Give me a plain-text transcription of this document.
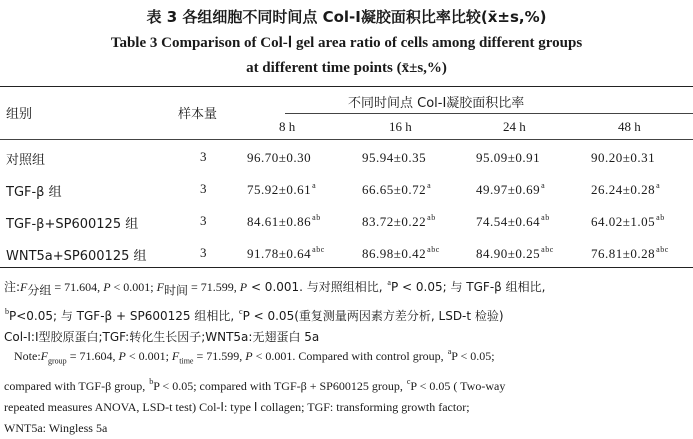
表 3 各组细胞不同时间点 Col-Ⅰ凝胶面积比率比较(x̄±s,%)
Table 3 Comparison of Col-Ⅰ gel area ratio of cells among different groups
at different time points (x̄±s,%)
组别	样本量
不同时间点 Col-Ⅰ凝胶面积比率
8 h	16 h	24 h	48 h
对照组	3	96.70±0.30	95.94±0.35	95.09±0.91	90.20±0.31
TGF-β 组	3	75.92±0.61$^a$	66.65±0.72$^a$	49.97±0.69$^a$	26.24±0.28$^a$
TGF-β+SP600125 组	3	84.61±0.86$^{ab}$	83.72±0.22$^{ab}$	74.54±0.64$^{ab}$	64.02±1.05$^{ab}$
WNT5a+SP600125 组	3	91.78±0.64$^{abc}$	86.98±0.42$^{abc}$	84.90±0.25$^{abc}$	76.81±0.28$^{abc}$
注$:F_{分组} = 71.604$, P < 0.001; $F_{时间} = 71.599$, P < 0.001. 与对照组相比, $^a$P < 0.05; 与 TGF-β 组相比,
$^b$P<0.05; 与 TGF-β + SP600125 组相比, $^c$P < 0.05(重复测量两因素方差分析, LSD-t 检验)
Col-Ⅰ:Ⅰ型胶原蛋白;TGF:转化生长因子;WNT5a:无翅蛋白 5a
$Note:F_{group} = 71.604$, P < 0.001; $F_{time} = 71.599$, P < 0.001. Compared with control group, $^a$P < 0.05;
compared with TGF-β group, $^b$P < 0.05; compared with TGF-β + SP600125 group, $^c$P < 0.05 ( Two-way
repeated measures ANOVA, LSD-t test) Col-Ⅰ: type Ⅰ collagen; TGF: transforming growth factor;
WNT5a: Wingless 5a
